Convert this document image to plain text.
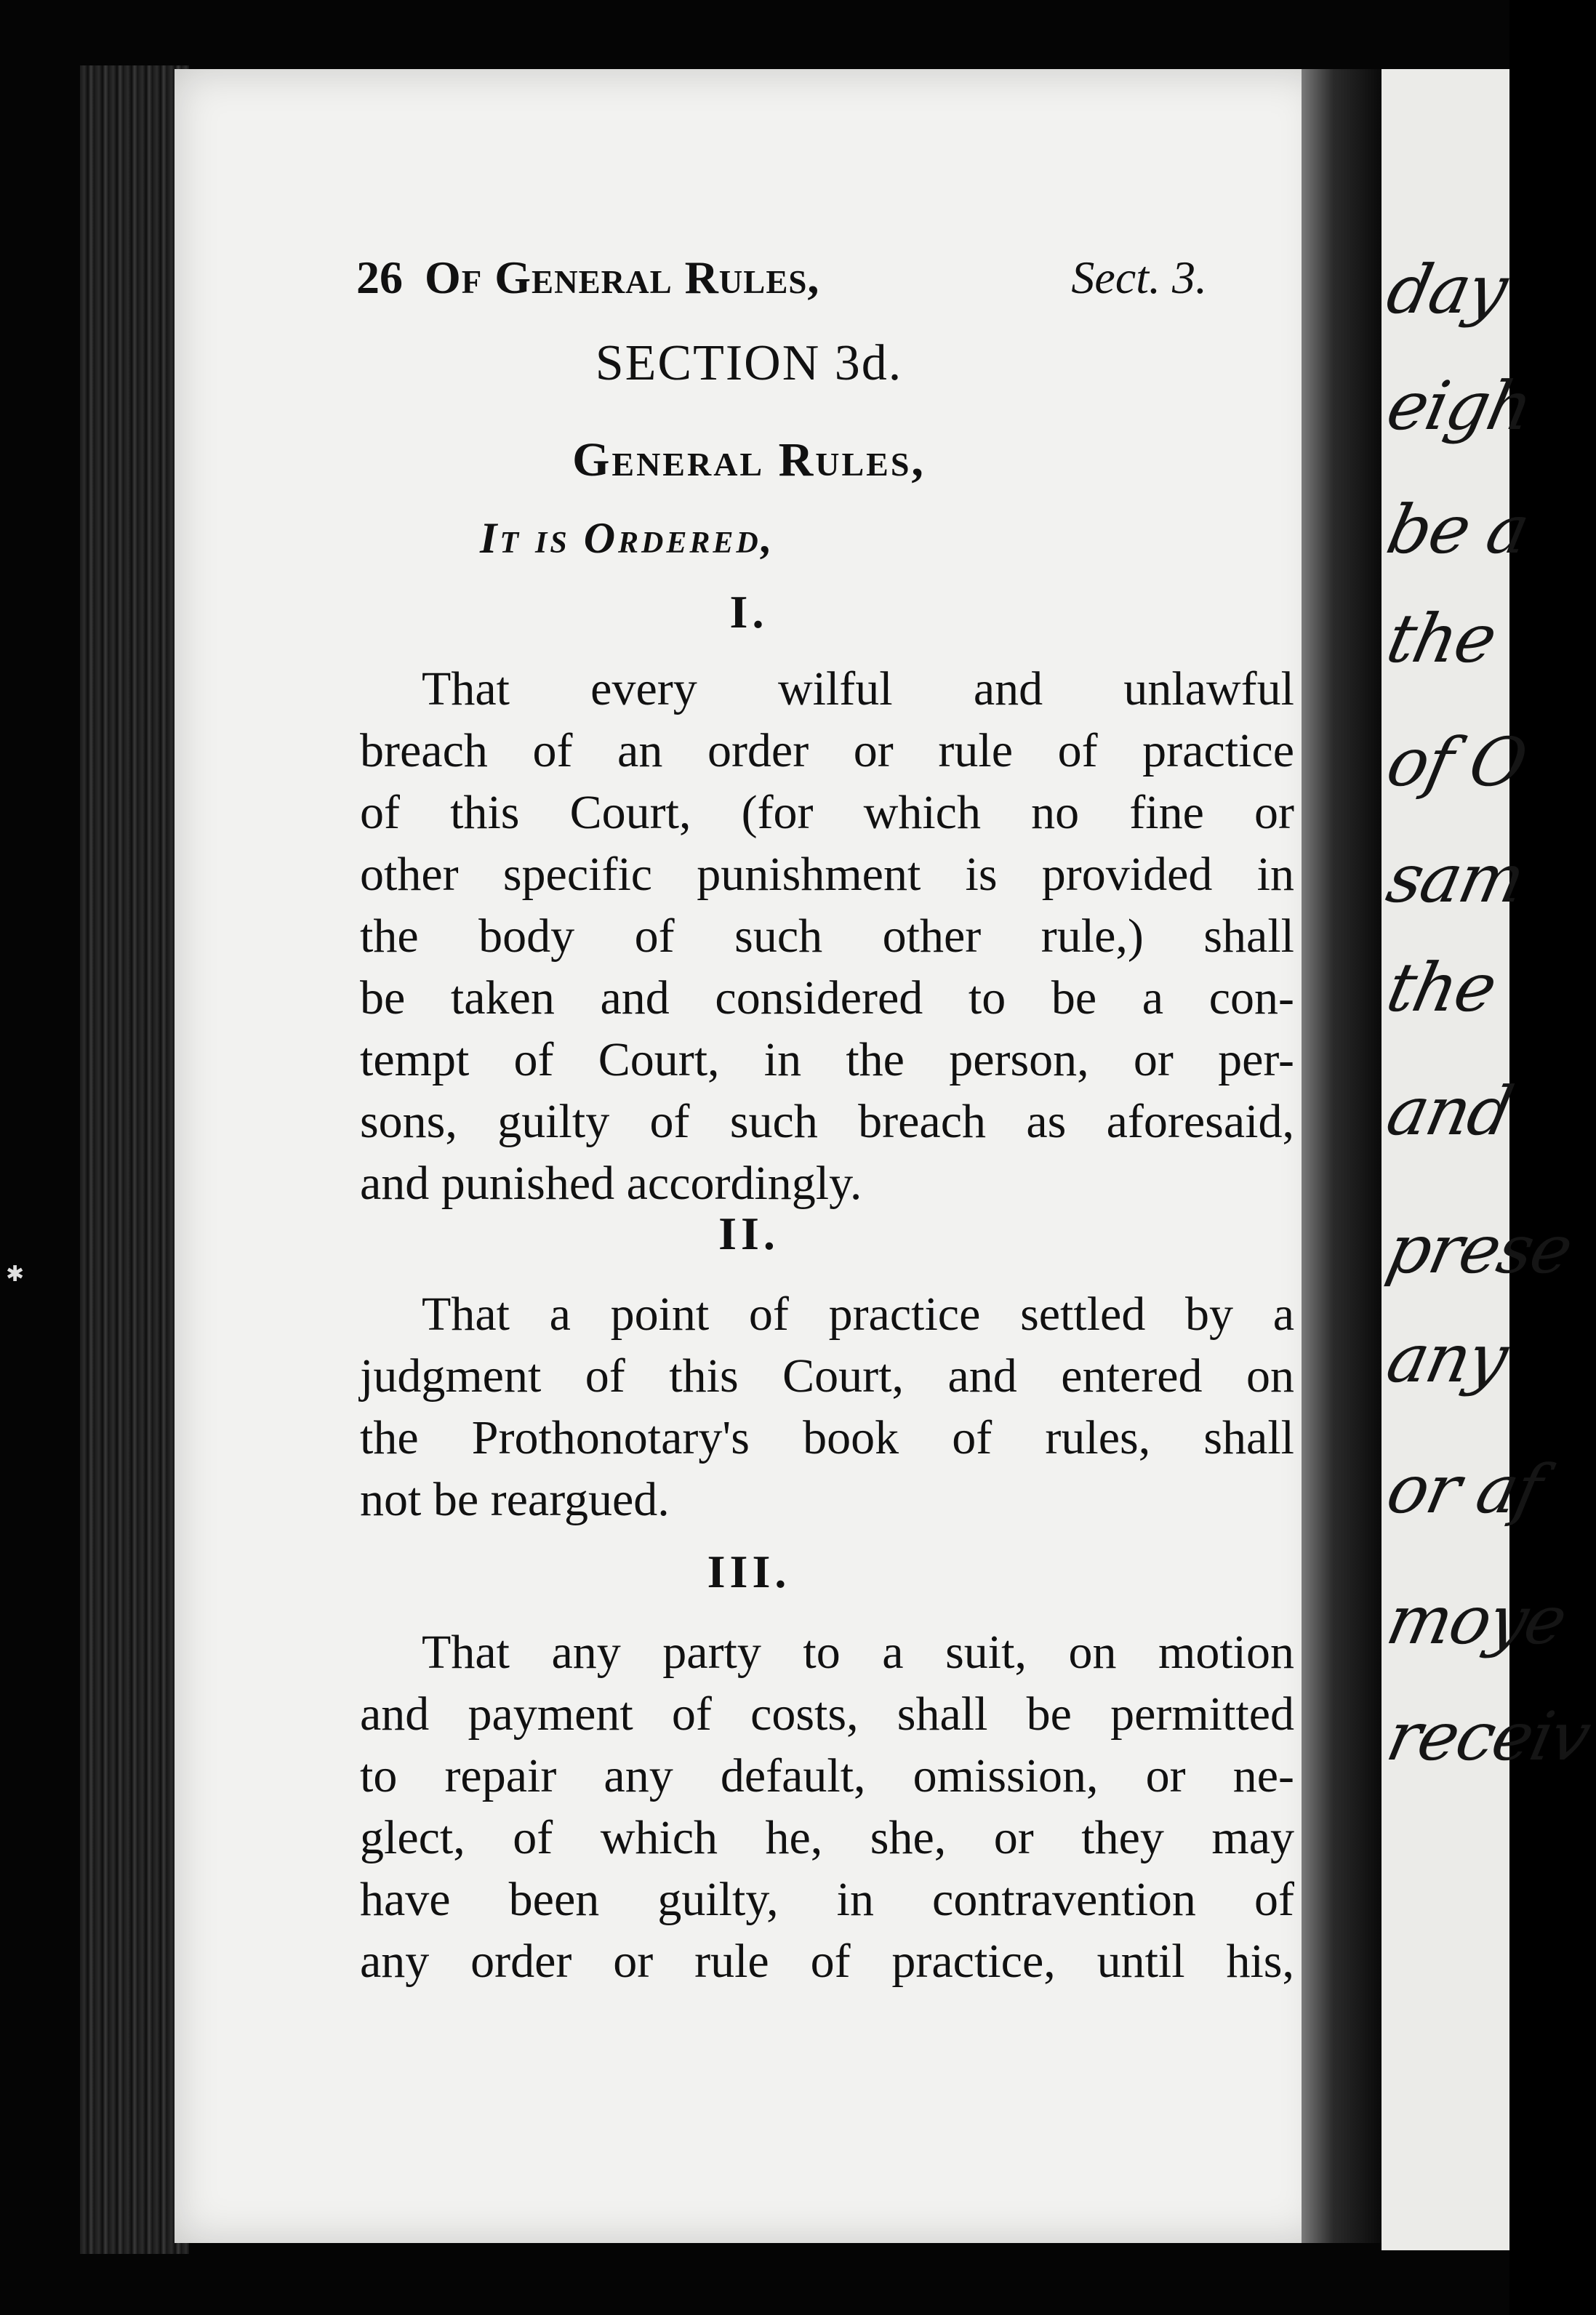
day
eigh
be a
the
of O
sam
the
and
prese
any
or af
moye
receiv
✱
26 Of General Rules,	Sect. 3.
SECTION 3d.
General Rules,
It is Ordered,
I.
That every wilful and unlawful
breach of an order or rule of practice
of this Court, (for which no fine or
other specific punishment is provided in
the body of such other rule,) shall
be taken and considered to be a con-
tempt of Court, in the person, or per-
sons, guilty of such breach as aforesaid,
and punished accordingly.
II.
That a point of practice settled by a
judgment of this Court, and entered on
the Prothonotary's book of rules, shall
not be reargued.
III.
That any party to a suit, on motion
and payment of costs, shall be permitted
to repair any default, omission, or ne-
glect, of which he, she, or they may
have been guilty, in contravention of
any order or rule of practice, until his,
